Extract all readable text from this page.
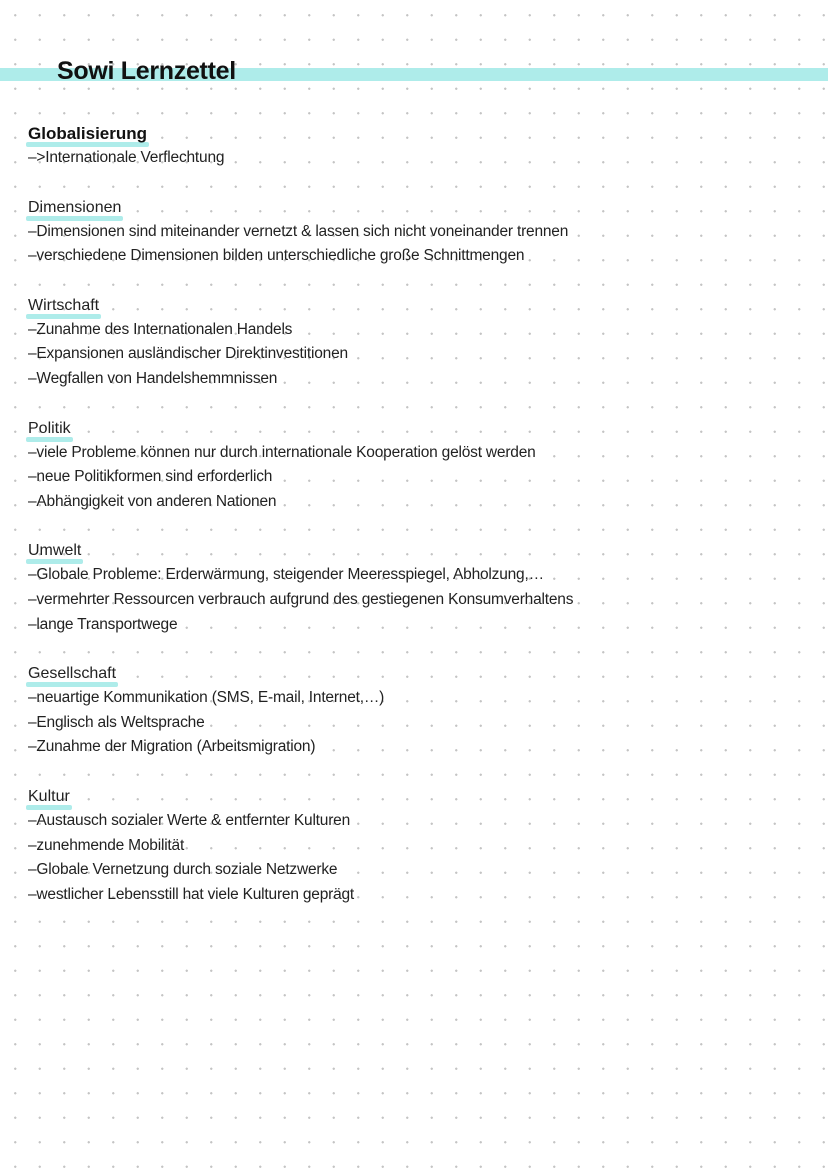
Sowi Lernzettel
Globalisierung
–>Internationale Verflechtung
Dimensionen
–Dimensionen sind miteinander vernetzt & lassen sich nicht voneinander trennen
–verschiedene Dimensionen bilden unterschiedliche große Schnittmengen
Wirtschaft
–Zunahme des Internationalen Handels
–Expansionen ausländischer Direktinvestitionen
–Wegfallen von Handelshemmnissen
Politik
–viele Probleme können nur durch internationale Kooperation gelöst werden
–neue Politikformen sind erforderlich
–Abhängigkeit von anderen Nationen
Umwelt
–Globale Probleme: Erderwärmung, steigender Meeresspiegel, Abholzung,…
–vermehrter Ressourcen verbrauch aufgrund des gestiegenen Konsumverhaltens
–lange Transportwege
Gesellschaft
–neuartige Kommunikation (SMS, E-mail, Internet,…)
–Englisch als Weltsprache
–Zunahme der Migration (Arbeitsmigration)
Kultur
–Austausch sozialer Werte & entfernter Kulturen
–zunehmende Mobilität
–Globale Vernetzung durch soziale Netzwerke
–westlicher Lebensstill hat viele Kulturen geprägt
